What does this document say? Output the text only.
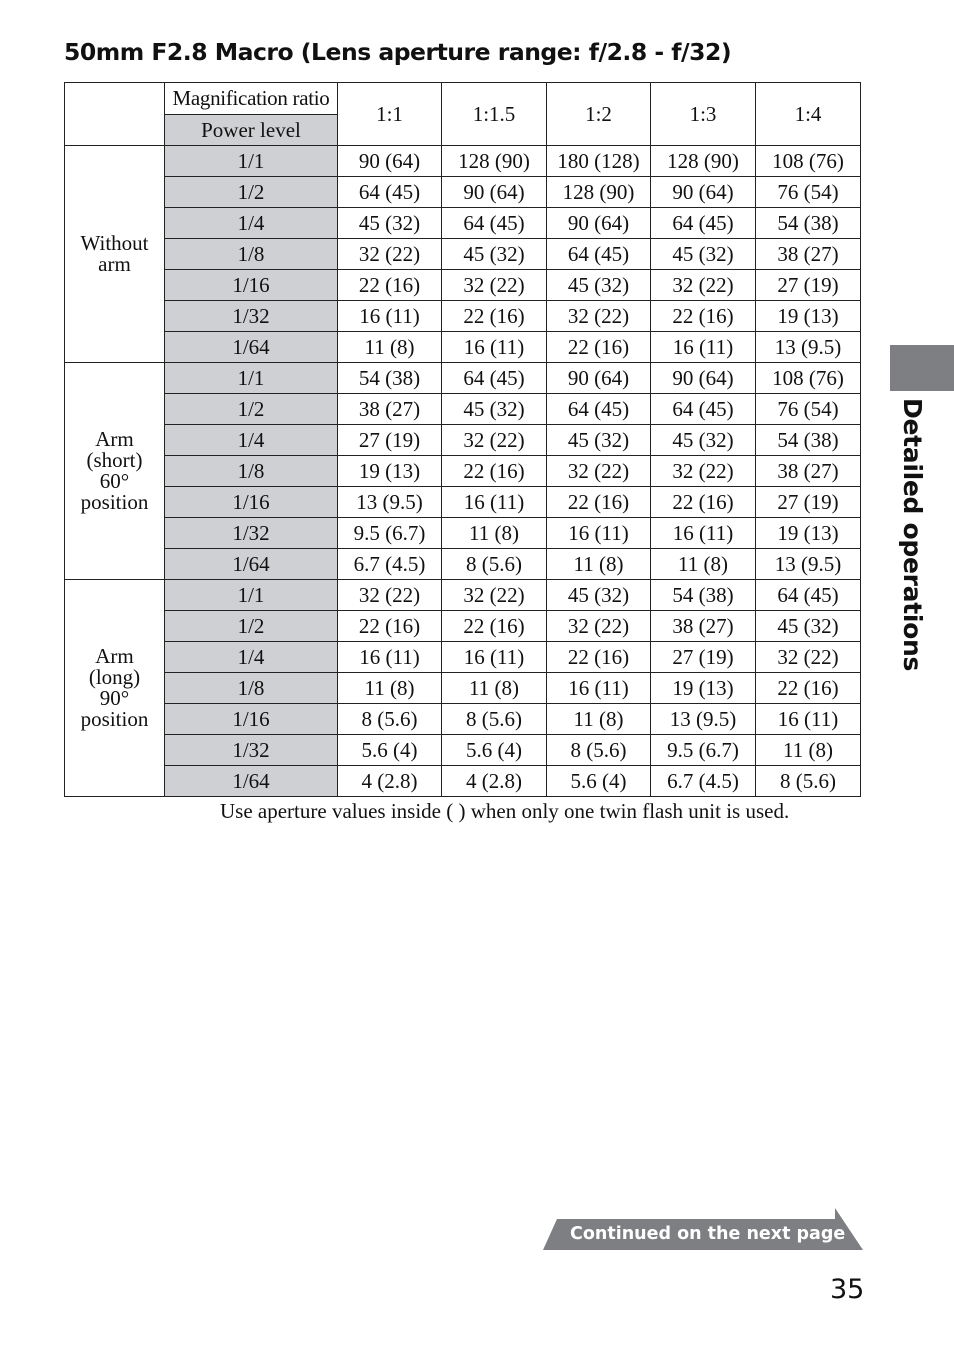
50mm F2.8 Macro (Lens aperture range: f/2.8 - f/32)
	Magnification ratio	1:1	1:1.5	1:2	1:3	1:4
	Power level					

Without
arm	1/1	90 (64)	128 (90)	180 (128)	128 (90)	108 (76)
	1/2	64 (45)	90 (64)	128 (90)	90 (64)	76 (54)
	1/4	45 (32)	64 (45)	90 (64)	64 (45)	54 (38)
	1/8	32 (22)	45 (32)	64 (45)	45 (32)	38 (27)
	1/16	22 (16)	32 (22)	45 (32)	32 (22)	27 (19)
	1/32	16 (11)	22 (16)	32 (22)	22 (16)	19 (13)
	1/64	11 (8)	16 (11)	22 (16)	16 (11)	13 (9.5)

Arm
(short)
60°
position	1/1	54 (38)	64 (45)	90 (64)	90 (64)	108 (76)
	1/2	38 (27)	45 (32)	64 (45)	64 (45)	76 (54)
	1/4	27 (19)	32 (22)	45 (32)	45 (32)	54 (38)
	1/8	19 (13)	22 (16)	32 (22)	32 (22)	38 (27)
	1/16	13 (9.5)	16 (11)	22 (16)	22 (16)	27 (19)
	1/32	9.5 (6.7)	11 (8)	16 (11)	16 (11)	19 (13)
	1/64	6.7 (4.5)	8 (5.6)	11 (8)	11 (8)	13 (9.5)

Arm
(long)
90°
position	1/1	32 (22)	32 (22)	45 (32)	54 (38)	64 (45)
	1/2	22 (16)	22 (16)	32 (22)	38 (27)	45 (32)
	1/4	16 (11)	16 (11)	22 (16)	27 (19)	32 (22)
	1/8	11 (8)	11 (8)	16 (11)	19 (13)	22 (16)
	1/16	8 (5.6)	8 (5.6)	11 (8)	13 (9.5)	16 (11)
	1/32	5.6 (4)	5.6 (4)	8 (5.6)	9.5 (6.7)	11 (8)
	1/64	4 (2.8)	4 (2.8)	5.6 (4)	6.7 (4.5)	8 (5.6)
Use aperture values inside ( ) when only one twin flash unit is used.
Detailed operations
Continued on the next page
35
